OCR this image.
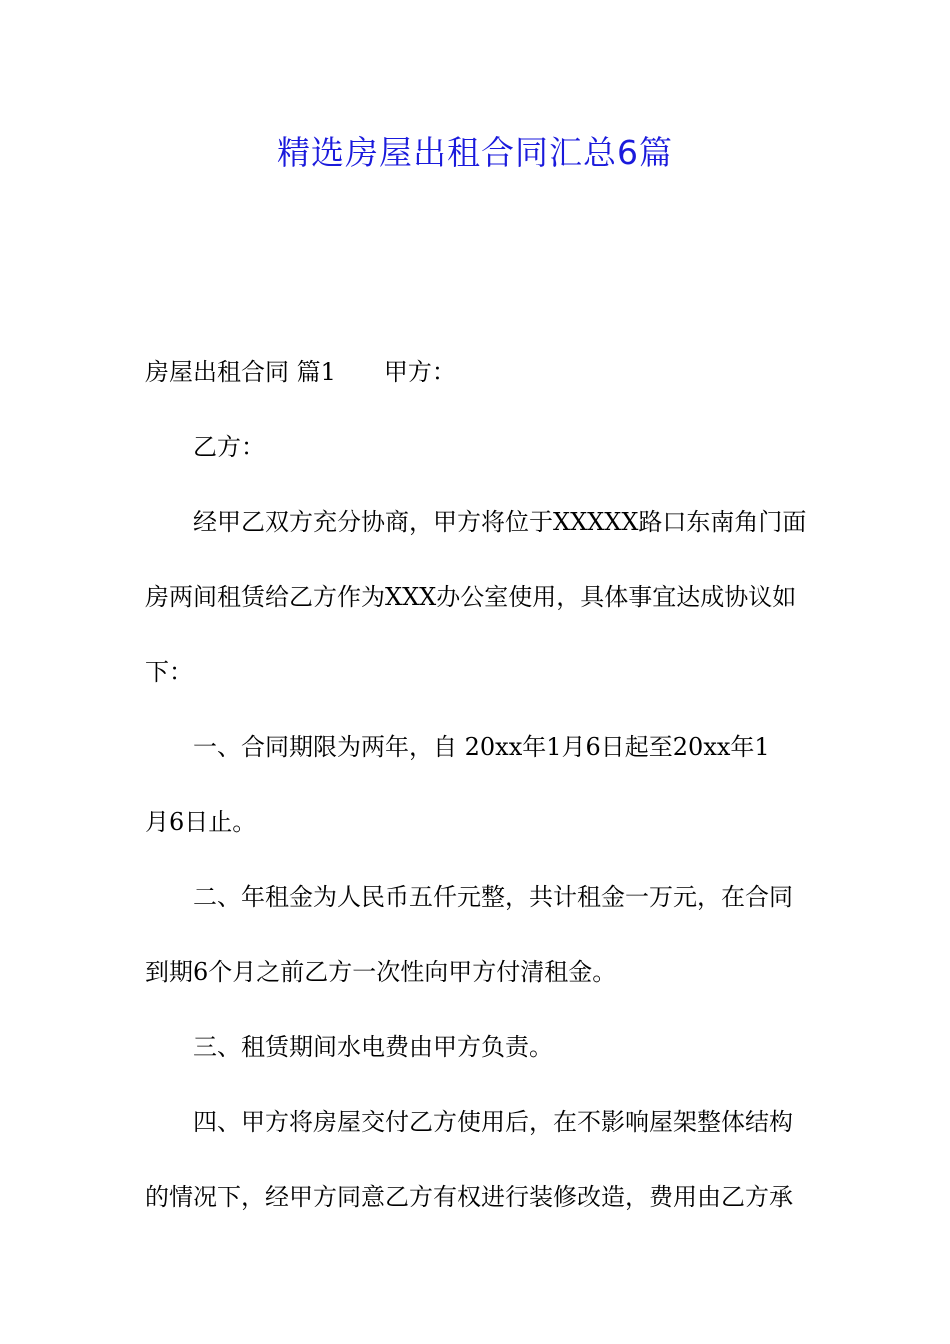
精选房屋出租合同汇总6篇
房屋出租合同 篇1 甲方：
乙方：
经甲乙双方充分协商，甲方将位于XXXXX路口东南角门面
房两间租赁给乙方作为XXX办公室使用，具体事宜达成协议如
下：
一、合同期限为两年，自 20xx年1月6日起至20xx年1
月6日止。
二、年租金为人民币五仟元整，共计租金一万元，在合同
到期6个月之前乙方一次性向甲方付清租金。
三、租赁期间水电费由甲方负责。
四、甲方将房屋交付乙方使用后，在不影响屋架整体结构
的情况下，经甲方同意乙方有权进行装修改造，费用由乙方承
